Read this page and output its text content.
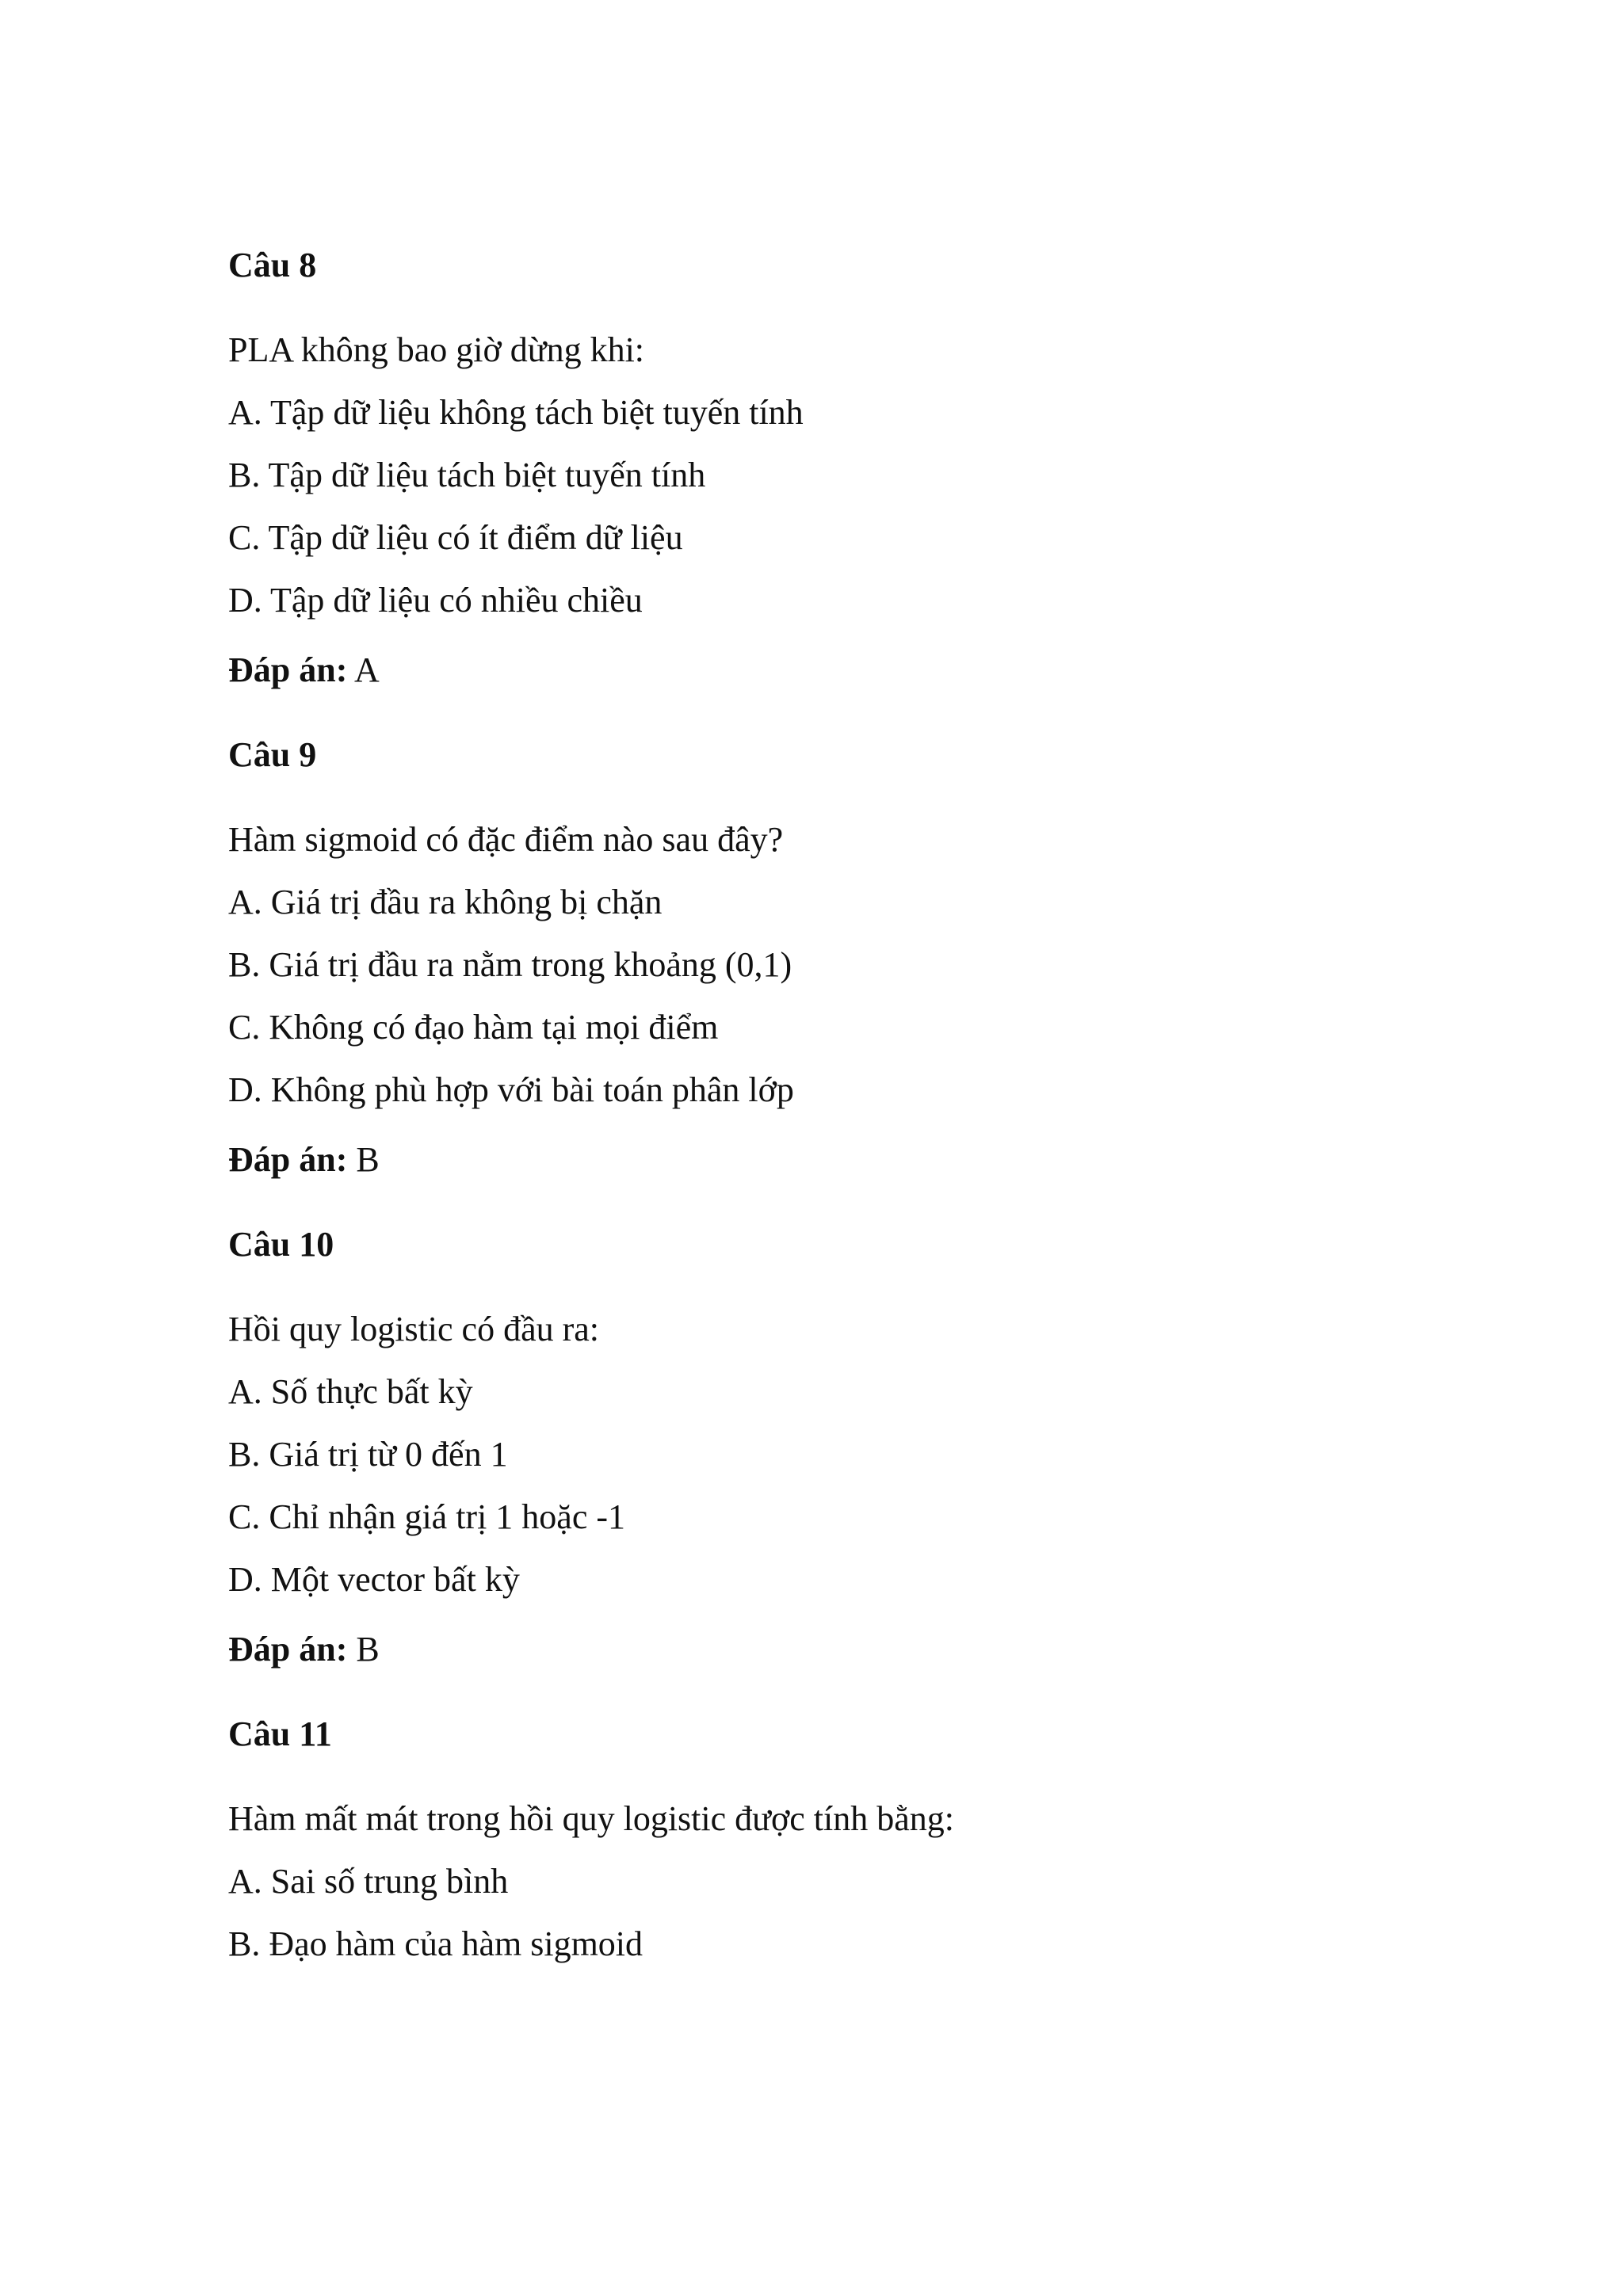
Câu 8
PLA không bao giờ dừng khi:
A. Tập dữ liệu không tách biệt tuyến tính
B. Tập dữ liệu tách biệt tuyến tính
C. Tập dữ liệu có ít điểm dữ liệu
D. Tập dữ liệu có nhiều chiều
Đáp án: A
Câu 9
Hàm sigmoid có đặc điểm nào sau đây?
A. Giá trị đầu ra không bị chặn
B. Giá trị đầu ra nằm trong khoảng (0,1)
C. Không có đạo hàm tại mọi điểm
D. Không phù hợp với bài toán phân lớp
Đáp án: B
Câu 10
Hồi quy logistic có đầu ra:
A. Số thực bất kỳ
B. Giá trị từ 0 đến 1
C. Chỉ nhận giá trị 1 hoặc -1
D. Một vector bất kỳ
Đáp án: B
Câu 11
Hàm mất mát trong hồi quy logistic được tính bằng:
A. Sai số trung bình
B. Đạo hàm của hàm sigmoid
